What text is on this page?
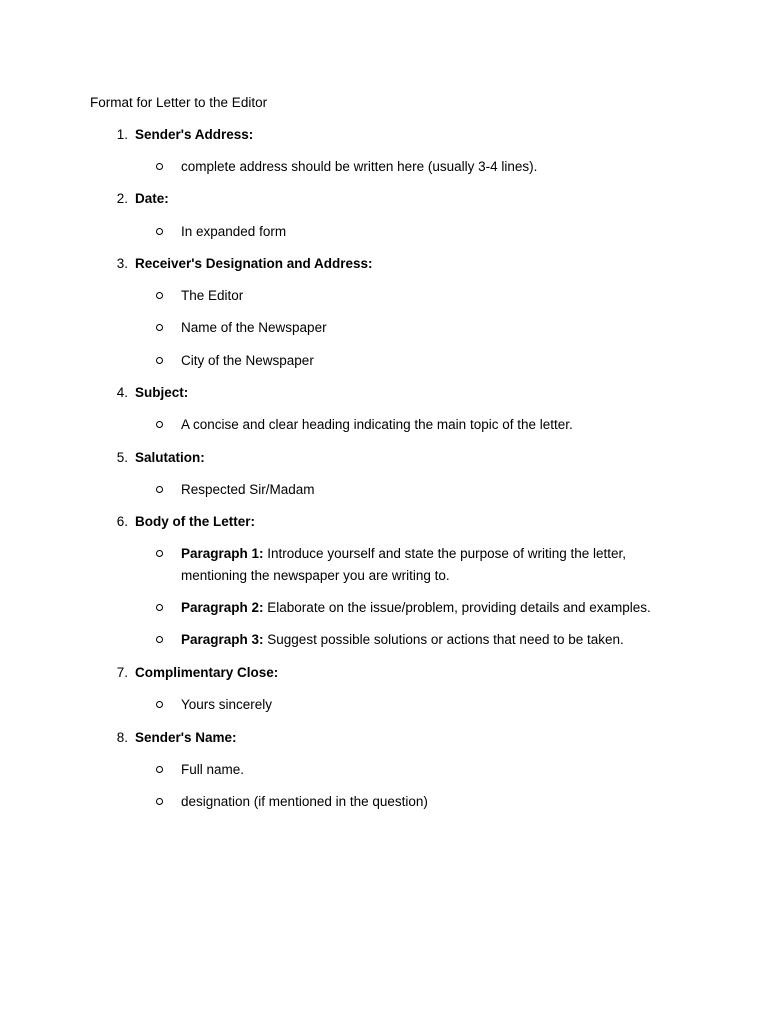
Format for Letter to the Editor
1. Sender's Address:
complete address should be written here (usually 3-4 lines).
2. Date:
In expanded form
3. Receiver's Designation and Address:
The Editor
Name of the Newspaper
City of the Newspaper
4. Subject:
A concise and clear heading indicating the main topic of the letter.
5. Salutation:
Respected Sir/Madam
6. Body of the Letter:
Paragraph 1: Introduce yourself and state the purpose of writing the letter, mentioning the newspaper you are writing to.
Paragraph 2: Elaborate on the issue/problem, providing details and examples.
Paragraph 3: Suggest possible solutions or actions that need to be taken.
7. Complimentary Close:
Yours sincerely
8. Sender's Name:
Full name.
designation (if mentioned in the question)
